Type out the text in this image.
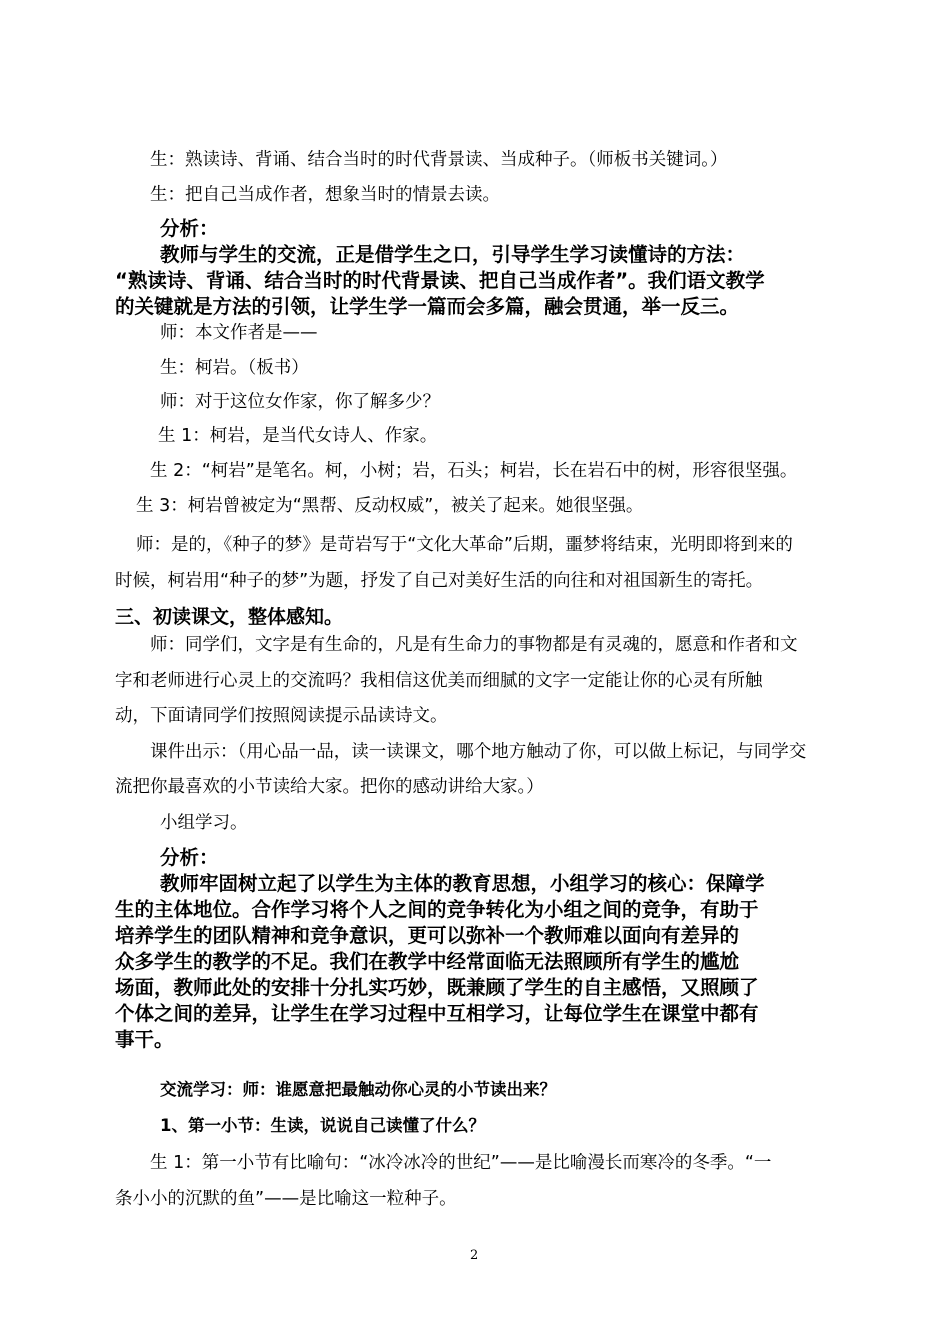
生：熟读诗、背诵、结合当时的时代背景读、当成种子。（师板书关键词。）
生：把自己当成作者，想象当时的情景去读。
分析：
教师与学生的交流，正是借学生之口，引导学生学习读懂诗的方法：
“熟读诗、背诵、结合当时的时代背景读、把自己当成作者”。我们语文教学
的关键就是方法的引领，让学生学一篇而会多篇，融会贯通，举一反三。
师：本文作者是——
生：柯岩。（板书）
师：对于这位女作家，你了解多少？
生 1：柯岩，是当代女诗人、作家。
生 2：“柯岩”是笔名。柯，小树；岩，石头；柯岩，长在岩石中的树，形容很坚强。
生 3：柯岩曾被定为“黑帮、反动权威”，被关了起来。她很坚强。
师：是的，《种子的梦》是苛岩写于“文化大革命”后期，噩梦将结束，光明即将到来的
时候，柯岩用“种子的梦”为题，抒发了自己对美好生活的向往和对祖国新生的寄托。
三、初读课文，整体感知。
师：同学们，文字是有生命的，凡是有生命力的事物都是有灵魂的，愿意和作者和文
字和老师进行心灵上的交流吗？我相信这优美而细腻的文字一定能让你的心灵有所触
动，下面请同学们按照阅读提示品读诗文。
课件出示：（用心品一品，读一读课文，哪个地方触动了你，可以做上标记，与同学交
流把你最喜欢的小节读给大家。把你的感动讲给大家。）
小组学习。
分析：
教师牢固树立起了以学生为主体的教育思想，小组学习的核心：保障学
生的主体地位。合作学习将个人之间的竞争转化为小组之间的竞争，有助于
培养学生的团队精神和竞争意识，更可以弥补一个教师难以面向有差异的
众多学生的教学的不足。我们在教学中经常面临无法照顾所有学生的尴尬
场面，教师此处的安排十分扎实巧妙，既兼顾了学生的自主感悟，又照顾了
个体之间的差异，让学生在学习过程中互相学习，让每位学生在课堂中都有
事干。
交流学习：师：谁愿意把最触动你心灵的小节读出来？
1、第一小节：生读，说说自己读懂了什么？
生 1：第一小节有比喻句：“冰冷冰冷的世纪”——是比喻漫长而寒冷的冬季。“一
条小小的沉默的鱼”——是比喻这一粒种子。
2
